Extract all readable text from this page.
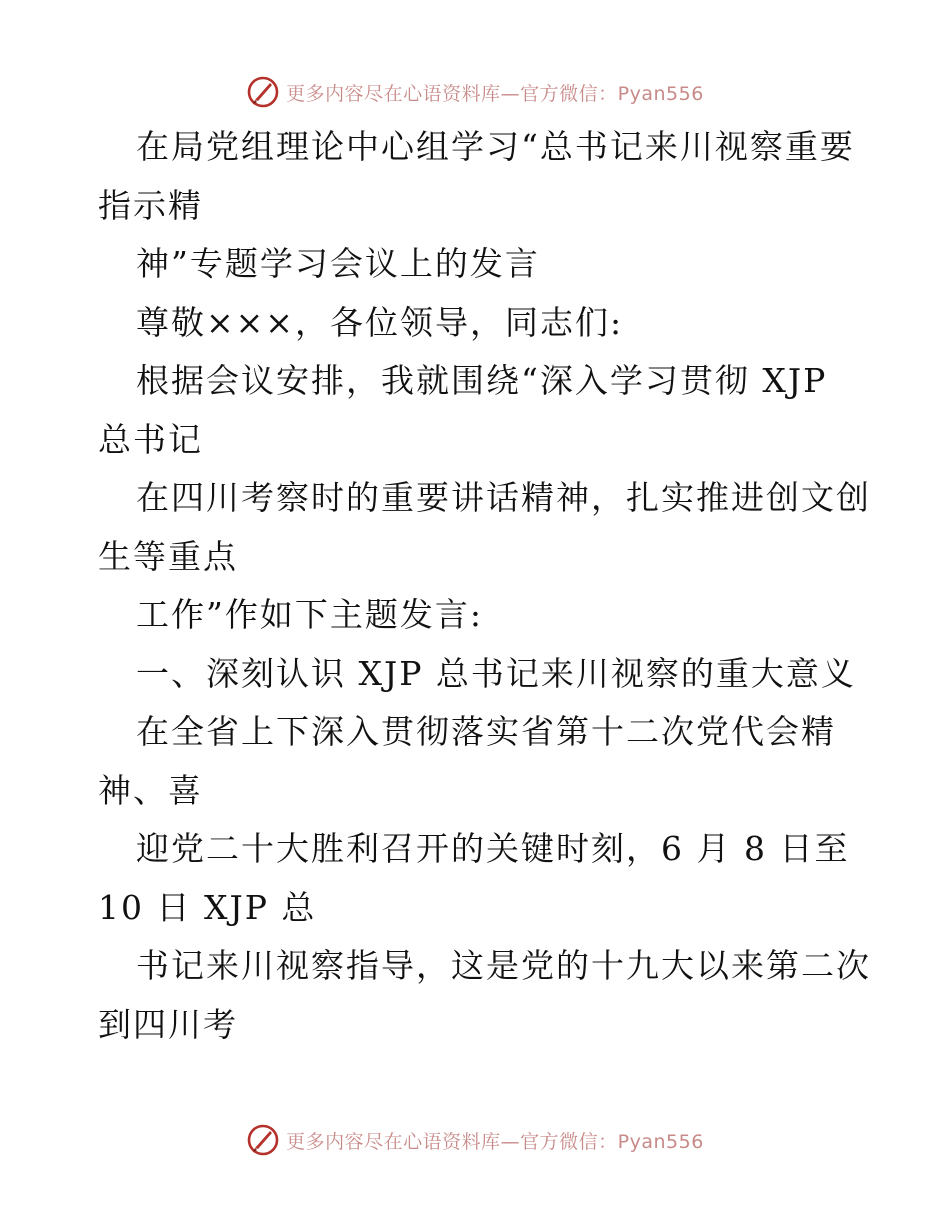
更多内容尽在心语资料库—官方微信：Pyan556
在局党组理论中心组学习“总书记来川视察重要
指示精
神”专题学习会议上的发言
尊敬×××，各位领导，同志们:
根据会议安排，我就围绕“深入学习贯彻 XJP
总书记
在四川考察时的重要讲话精神，扎实推进创文创
生等重点
工作”作如下主题发言:
一、深刻认识 XJP 总书记来川视察的重大意义
在全省上下深入贯彻落实省第十二次党代会精
神、喜
迎党二十大胜利召开的关键时刻，6 月 8 日至
10 日 XJP 总
书记来川视察指导，这是党的十九大以来第二次
到四川考
更多内容尽在心语资料库—官方微信：Pyan556
